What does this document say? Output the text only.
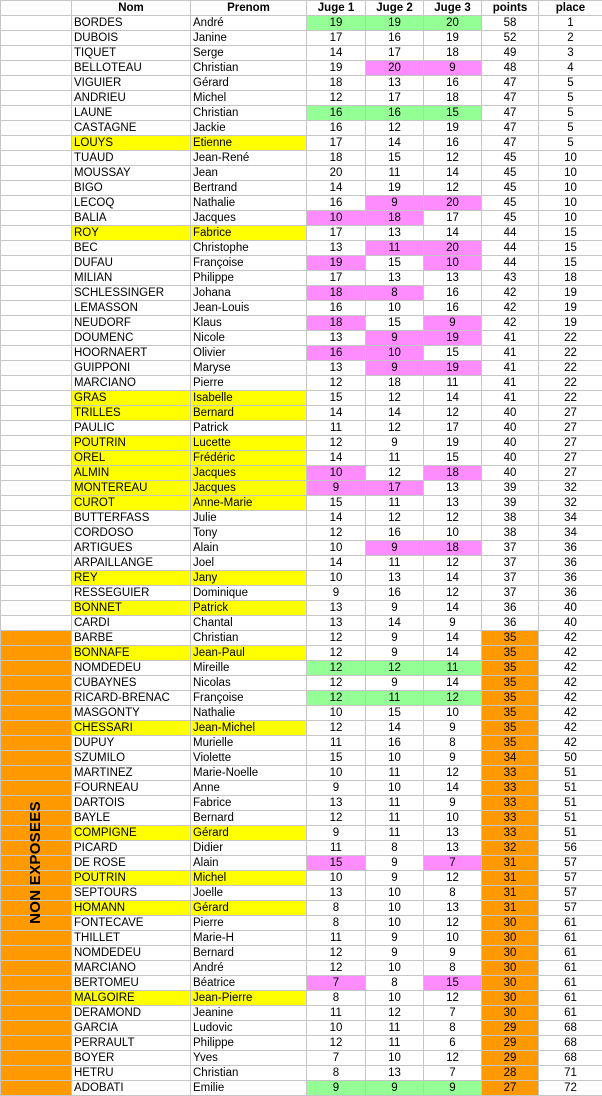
	Nom	Prenom	Juge 1	Juge 2	Juge 3	points	place
	BORDES	André	19	19	20	58	1
	DUBOIS	Janine	17	16	19	52	2
	TIQUET	Serge	14	17	18	49	3
	BELLOTEAU	Christian	19	20	9	48	4
	VIGUIER	Gérard	18	13	16	47	5
	ANDRIEU	Michel	12	17	18	47	5
	LAUNE	Christian	16	16	15	47	5
	CASTAGNE	Jackie	16	12	19	47	5
	LOUYS	Etienne	17	14	16	47	5
	TUAUD	Jean-René	18	15	12	45	10
	MOUSSAY	Jean	20	11	14	45	10
	BIGO	Bertrand	14	19	12	45	10
	LECOQ	Nathalie	16	9	20	45	10
	BALIA	Jacques	10	18	17	45	10
	ROY	Fabrice	17	13	14	44	15
	BEC	Christophe	13	11	20	44	15
	DUFAU	Françoise	19	15	10	44	15
	MILIAN	Philippe	17	13	13	43	18
	SCHLESSINGER	Johana	18	8	16	42	19
	LEMASSON	Jean-Louis	16	10	16	42	19
	NEUDORF	Klaus	18	15	9	42	19
	DOUMENC	Nicole	13	9	19	41	22
	HOORNAERT	Olivier	16	10	15	41	22
	GUIPPONI	Maryse	13	9	19	41	22
	MARCIANO	Pierre	12	18	11	41	22
	GRAS	Isabelle	15	12	14	41	22
	TRILLES	Bernard	14	14	12	40	27
	PAULIC	Patrick	11	12	17	40	27
	POUTRIN	Lucette	12	9	19	40	27
	OREL	Frédéric	14	11	15	40	27
	ALMIN	Jacques	10	12	18	40	27
	MONTEREAU	Jacques	9	17	13	39	32
	CUROT	Anne-Marie	15	11	13	39	32
	BUTTERFASS	Julie	14	12	12	38	34
	CORDOSO	Tony	12	16	10	38	34
	ARTIGUES	Alain	10	9	18	37	36
	ARPAILLANGE	Joel	14	11	12	37	36
	REY	Jany	10	13	14	37	36
	RESSEGUIER	Dominique	9	16	12	37	36
	BONNET	Patrick	13	9	14	36	40
	CARDI	Chantal	13	14	9	36	40
	BARBE	Christian	12	9	14	35	42
	BONNAFE	Jean-Paul	12	9	14	35	42
	NOMDEDEU	Mireille	12	12	11	35	42
	CUBAYNES	Nicolas	12	9	14	35	42
	RICARD-BRENAC	Françoise	12	11	12	35	42
	MASGONTY	Nathalie	10	15	10	35	42
	CHESSARI	Jean-Michel	12	14	9	35	42
	DUPUY	Murielle	11	16	8	35	42
	SZUMILO	Violette	15	10	9	34	50
	MARTINEZ	Marie-Noelle	10	11	12	33	51
	FOURNEAU	Anne	9	10	14	33	51
	DARTOIS	Fabrice	13	11	9	33	51
	BAYLE	Bernard	12	11	10	33	51
	COMPIGNE	Gérard	9	11	13	33	51
	PICARD	Didier	11	8	13	32	56
	DE ROSE	Alain	15	9	7	31	57
	POUTRIN	Michel	10	9	12	31	57
	SEPTOURS	Joelle	13	10	8	31	57
	HOMANN	Gérard	8	10	13	31	57
	FONTECAVE	Pierre	8	10	12	30	61
	THILLET	Marie-H	11	9	10	30	61
	NOMDEDEU	Bernard	12	9	9	30	61
	MARCIANO	André	12	10	8	30	61
	BERTOMEU	Béatrice	7	8	15	30	61
	MALGOIRE	Jean-Pierre	8	10	12	30	61
	DERAMOND	Jeanine	11	12	7	30	61
	GARCIA	Ludovic	10	11	8	29	68
	PERRAULT	Philippe	12	11	6	29	68
	BOYER	Yves	7	10	12	29	68
	HETRU	Christian	8	13	7	28	71
	ADOBATI	Emilie	9	9	9	27	72
NON EXPOSEES
